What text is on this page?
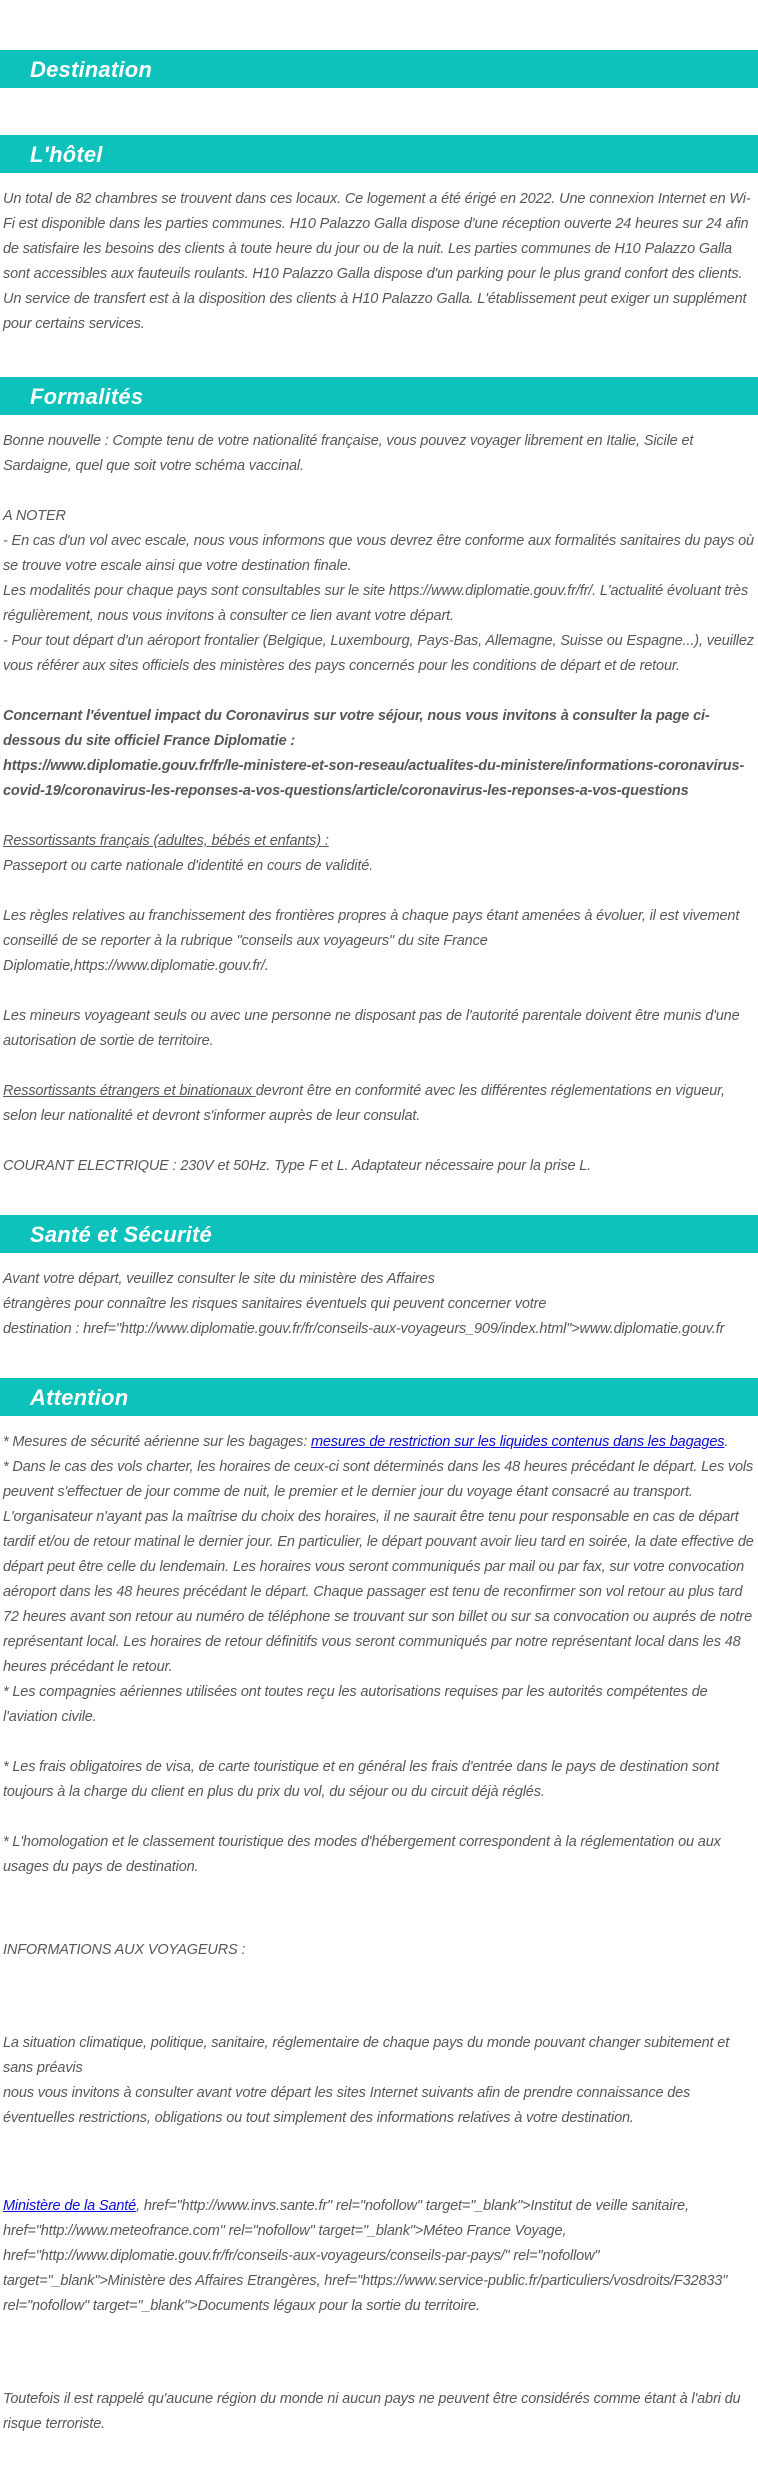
Destination
L'hôtel

Un total de 82 chambres se trouvent dans ces locaux. Ce logement a été érigé en 2022. Une connexion Internet en Wi-Fi est disponible dans les parties communes. H10 Palazzo Galla dispose d'une réception ouverte 24 heures sur 24 afin de satisfaire les besoins des clients à toute heure du jour ou de la nuit. Les parties communes de H10 Palazzo Galla sont accessibles aux fauteuils roulants. H10 Palazzo Galla dispose d'un parking pour le plus grand confort des clients. Un service de transfert est à la disposition des clients à H10 Palazzo Galla. L'établissement peut exiger un supplément pour certains services.

Formalités

Bonne nouvelle : Compte tenu de votre nationalité française, vous pouvez voyager librement en Italie, Sicile et Sardaigne, quel que soit votre schéma vaccinal.

A NOTER
- En cas d'un vol avec escale, nous vous informons que vous devrez être conforme aux formalités sanitaires du pays où se trouve votre escale ainsi que votre destination finale.
Les modalités pour chaque pays sont consultables sur le site https://www.diplomatie.gouv.fr/fr/. L'actualité évoluant très régulièrement, nous vous invitons à consulter ce lien avant votre départ.
- Pour tout départ d'un aéroport frontalier (Belgique, Luxembourg, Pays-Bas, Allemagne, Suisse ou Espagne...), veuillez vous référer aux sites officiels des ministères des pays concernés pour les conditions de départ et de retour.
Concernant l'éventuel impact du Coronavirus sur votre séjour, nous vous invitons à consulter la page ci-dessous du site officiel France Diplomatie :
https://www.diplomatie.gouv.fr/fr/le-ministere-et-son-reseau/actualites-du-ministere/informations-coronavirus-covid-19/coronavirus-les-reponses-a-vos-questions/article/coronavirus-les-reponses-a-vos-questions
Ressortissants français (adultes, bébés et enfants) :
Passeport ou carte nationale d'identité en cours de validité.

Les règles relatives au franchissement des frontières propres à chaque pays étant amenées à évoluer, il est vivement conseillé de se reporter à la rubrique "conseils aux voyageurs" du site France Diplomatie,https://www.diplomatie.gouv.fr/.

Les mineurs voyageant seuls ou avec une personne ne disposant pas de l'autorité parentale doivent être munis d'une autorisation de sortie de territoire.

Ressortissants étrangers et binationaux devront être en conformité avec les différentes réglementations en vigueur, selon leur nationalité et devront s'informer auprès de leur consulat.

COURANT ELECTRIQUE : 230V et 50Hz. Type F et L. Adaptateur nécessaire pour la prise L.

Santé et Sécurité
Avant votre départ, veuillez consulter le site du ministère des Affaires
étrangères pour connaître les risques sanitaires éventuels qui peuvent concerner votre
destination : href="http://www.diplomatie.gouv.fr/fr/conseils-aux-voyageurs_909/index.html">www.diplomatie.gouv.fr
Attention
* Mesures de sécurité aérienne sur les bagages: mesures de restriction sur les liquides contenus dans les bagages.
* Dans le cas des vols charter, les horaires de ceux-ci sont déterminés dans les 48 heures précédant le départ. Les vols peuvent s'effectuer de jour comme de nuit, le premier et le dernier jour du voyage étant consacré au transport.
L'organisateur n'ayant pas la maîtrise du choix des horaires, il ne saurait être tenu pour responsable en cas de départ tardif et/ou de retour matinal le dernier jour. En particulier, le départ pouvant avoir lieu tard en soirée, la date effective de départ peut être celle du lendemain. Les horaires vous seront communiqués par mail ou par fax, sur votre convocation aéroport dans les 48 heures précédant le départ. Chaque passager est tenu de reconfirmer son vol retour au plus tard 72 heures avant son retour au numéro de téléphone se trouvant sur son billet ou sur sa convocation ou auprés de notre représentant local. Les horaires de retour définitifs vous seront communiqués par notre représentant local dans les 48 heures précédant le retour.
* Les compagnies aériennes utilisées ont toutes reçu les autorisations requises par les autorités compétentes de l'aviation civile.

* Les frais obligatoires de visa, de carte touristique et en général les frais d'entrée dans le pays de destination sont toujours à la charge du client en plus du prix du vol, du séjour ou du circuit déjà réglés.

* L'homologation et le classement touristique des modes d'hébergement correspondent à la réglementation ou aux usages du pays de destination.

INFORMATIONS AUX VOYAGEURS :

La situation climatique, politique, sanitaire, réglementaire de chaque pays du monde pouvant changer subitement et sans préavis
nous vous invitons à consulter avant votre départ les sites Internet suivants afin de prendre connaissance des éventuelles restrictions, obligations ou tout simplement des informations relatives à votre destination.

Ministère de la Santé, href="http://www.invs.sante.fr" rel="nofollow" target="_blank">Institut de veille sanitaire, href="http://www.meteofrance.com" rel="nofollow" target="_blank">Méteo France Voyage, href="http://www.diplomatie.gouv.fr/fr/conseils-aux-voyageurs/conseils-par-pays/" rel="nofollow" target="_blank">Ministère des Affaires Etrangères, href="https://www.service-public.fr/particuliers/vosdroits/F32833" rel="nofollow" target="_blank">Documents légaux pour la sortie du territoire.

Toutefois il est rappelé qu'aucune région du monde ni aucun pays ne peuvent être considérés comme étant à l'abri du risque terroriste.
